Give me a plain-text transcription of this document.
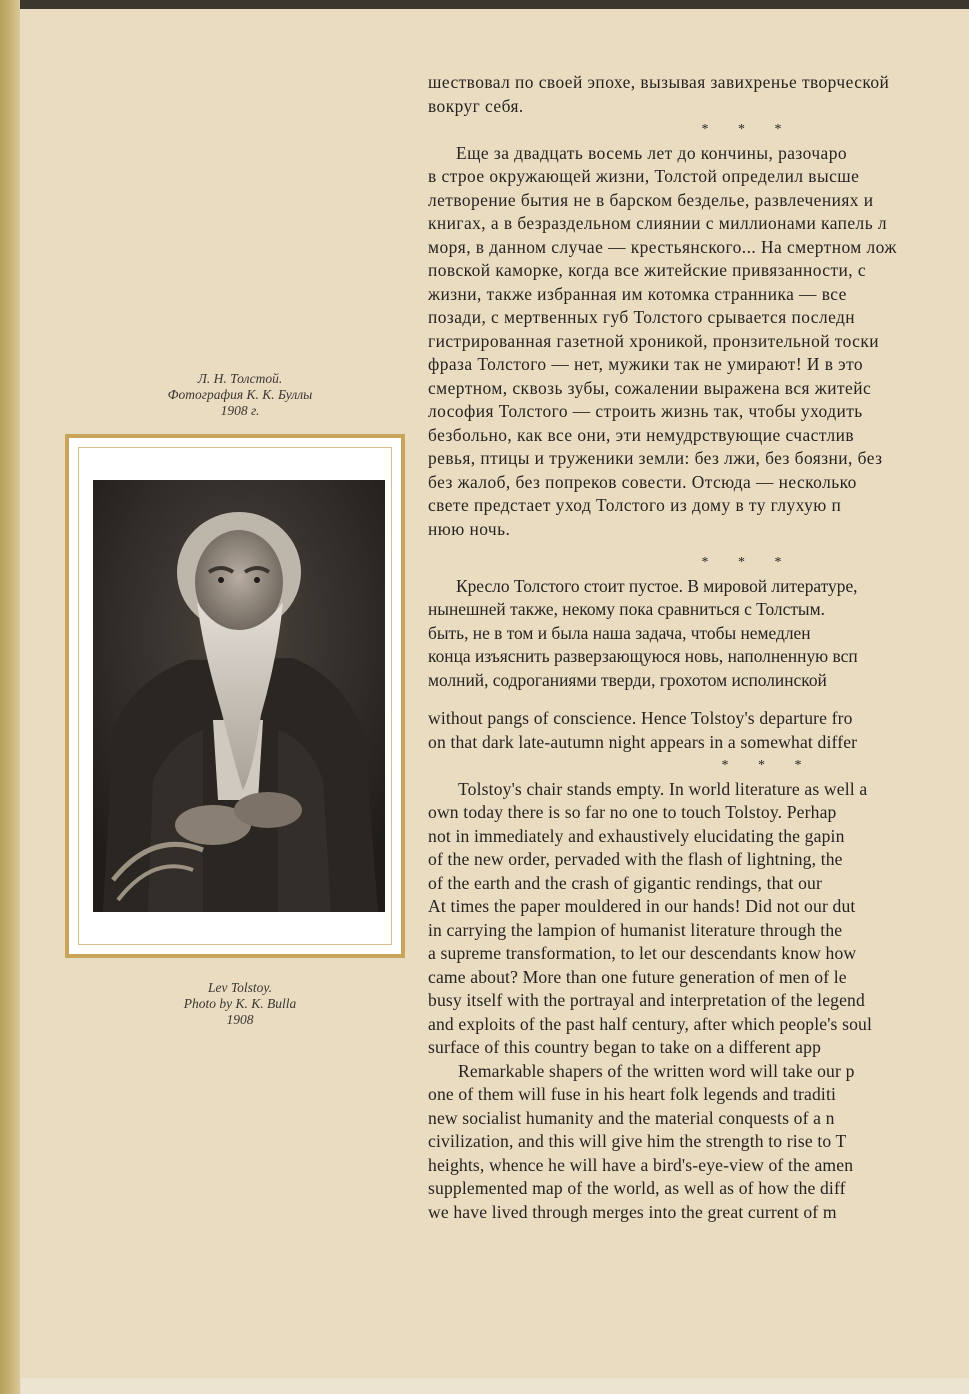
Л. Н. Толстой.
Фотография К. К. Буллы
1908 г.
Lev Tolstoy.
Photo by K. K. Bulla
1908
шествовал по своей эпохе, вызывая завихренье творческой
вокруг себя.
* * *
Еще за двадцать восемь лет до кончины, разочаро
в строе окружающей жизни, Толстой определил высше
летворение бытия не в барском безделье, развлечениях и
книгах, а в безраздельном слиянии с миллионами капель л
моря, в данном случае — крестьянского... На смертном лож
повской каморке, когда все житейские привязанности, с
жизни, также избранная им котомка странника — все
позади, с мертвенных губ Толстого срывается последн
гистрированная газетной хроникой, пронзительной тоски
фраза Толстого — нет, мужики так не умирают! И в это
смертном, сквозь зубы, сожалении выражена вся житейс
лософия Толстого — строить жизнь так, чтобы уходить
безбольно, как все они, эти немудрствующие счастлив
ревья, птицы и труженики земли: без лжи, без боязни, без
без жалоб, без попреков совести. Отсюда — несколько
свете предстает уход Толстого из дому в ту глухую п
нюю ночь.
* * *
Кресло Толстого стоит пустое. В мировой литературе,
нынешней также, некому пока сравниться с Толстым.
быть, не в том и была наша задача, чтобы немедлен
конца изъяснить разверзающуюся новь, наполненную всп
молний, содроганиями тверди, грохотом исполинской
without pangs of conscience. Hence Tolstoy's departure fro
on that dark late-autumn night appears in a somewhat differ
* * *
Tolstoy's chair stands empty. In world literature as well a
own today there is so far no one to touch Tolstoy. Perhap
not in immediately and exhaustively elucidating the gapin
of the new order, pervaded with the flash of lightning, the
of the earth and the crash of gigantic rendings, that our
At times the paper mouldered in our hands! Did not our dut
in carrying the lampion of humanist literature through the
a supreme transformation, to let our descendants know how
came about? More than one future generation of men of le
busy itself with the portrayal and interpretation of the legend
and exploits of the past half century, after which people's soul
surface of this country began to take on a different app
Remarkable shapers of the written word will take our p
one of them will fuse in his heart folk legends and traditi
new socialist humanity and the material conquests of a n
civilization, and this will give him the strength to rise to T
heights, whence he will have a bird's-eye-view of the amen
supplemented map of the world, as well as of how the diff
we have lived through merges into the great current of m
